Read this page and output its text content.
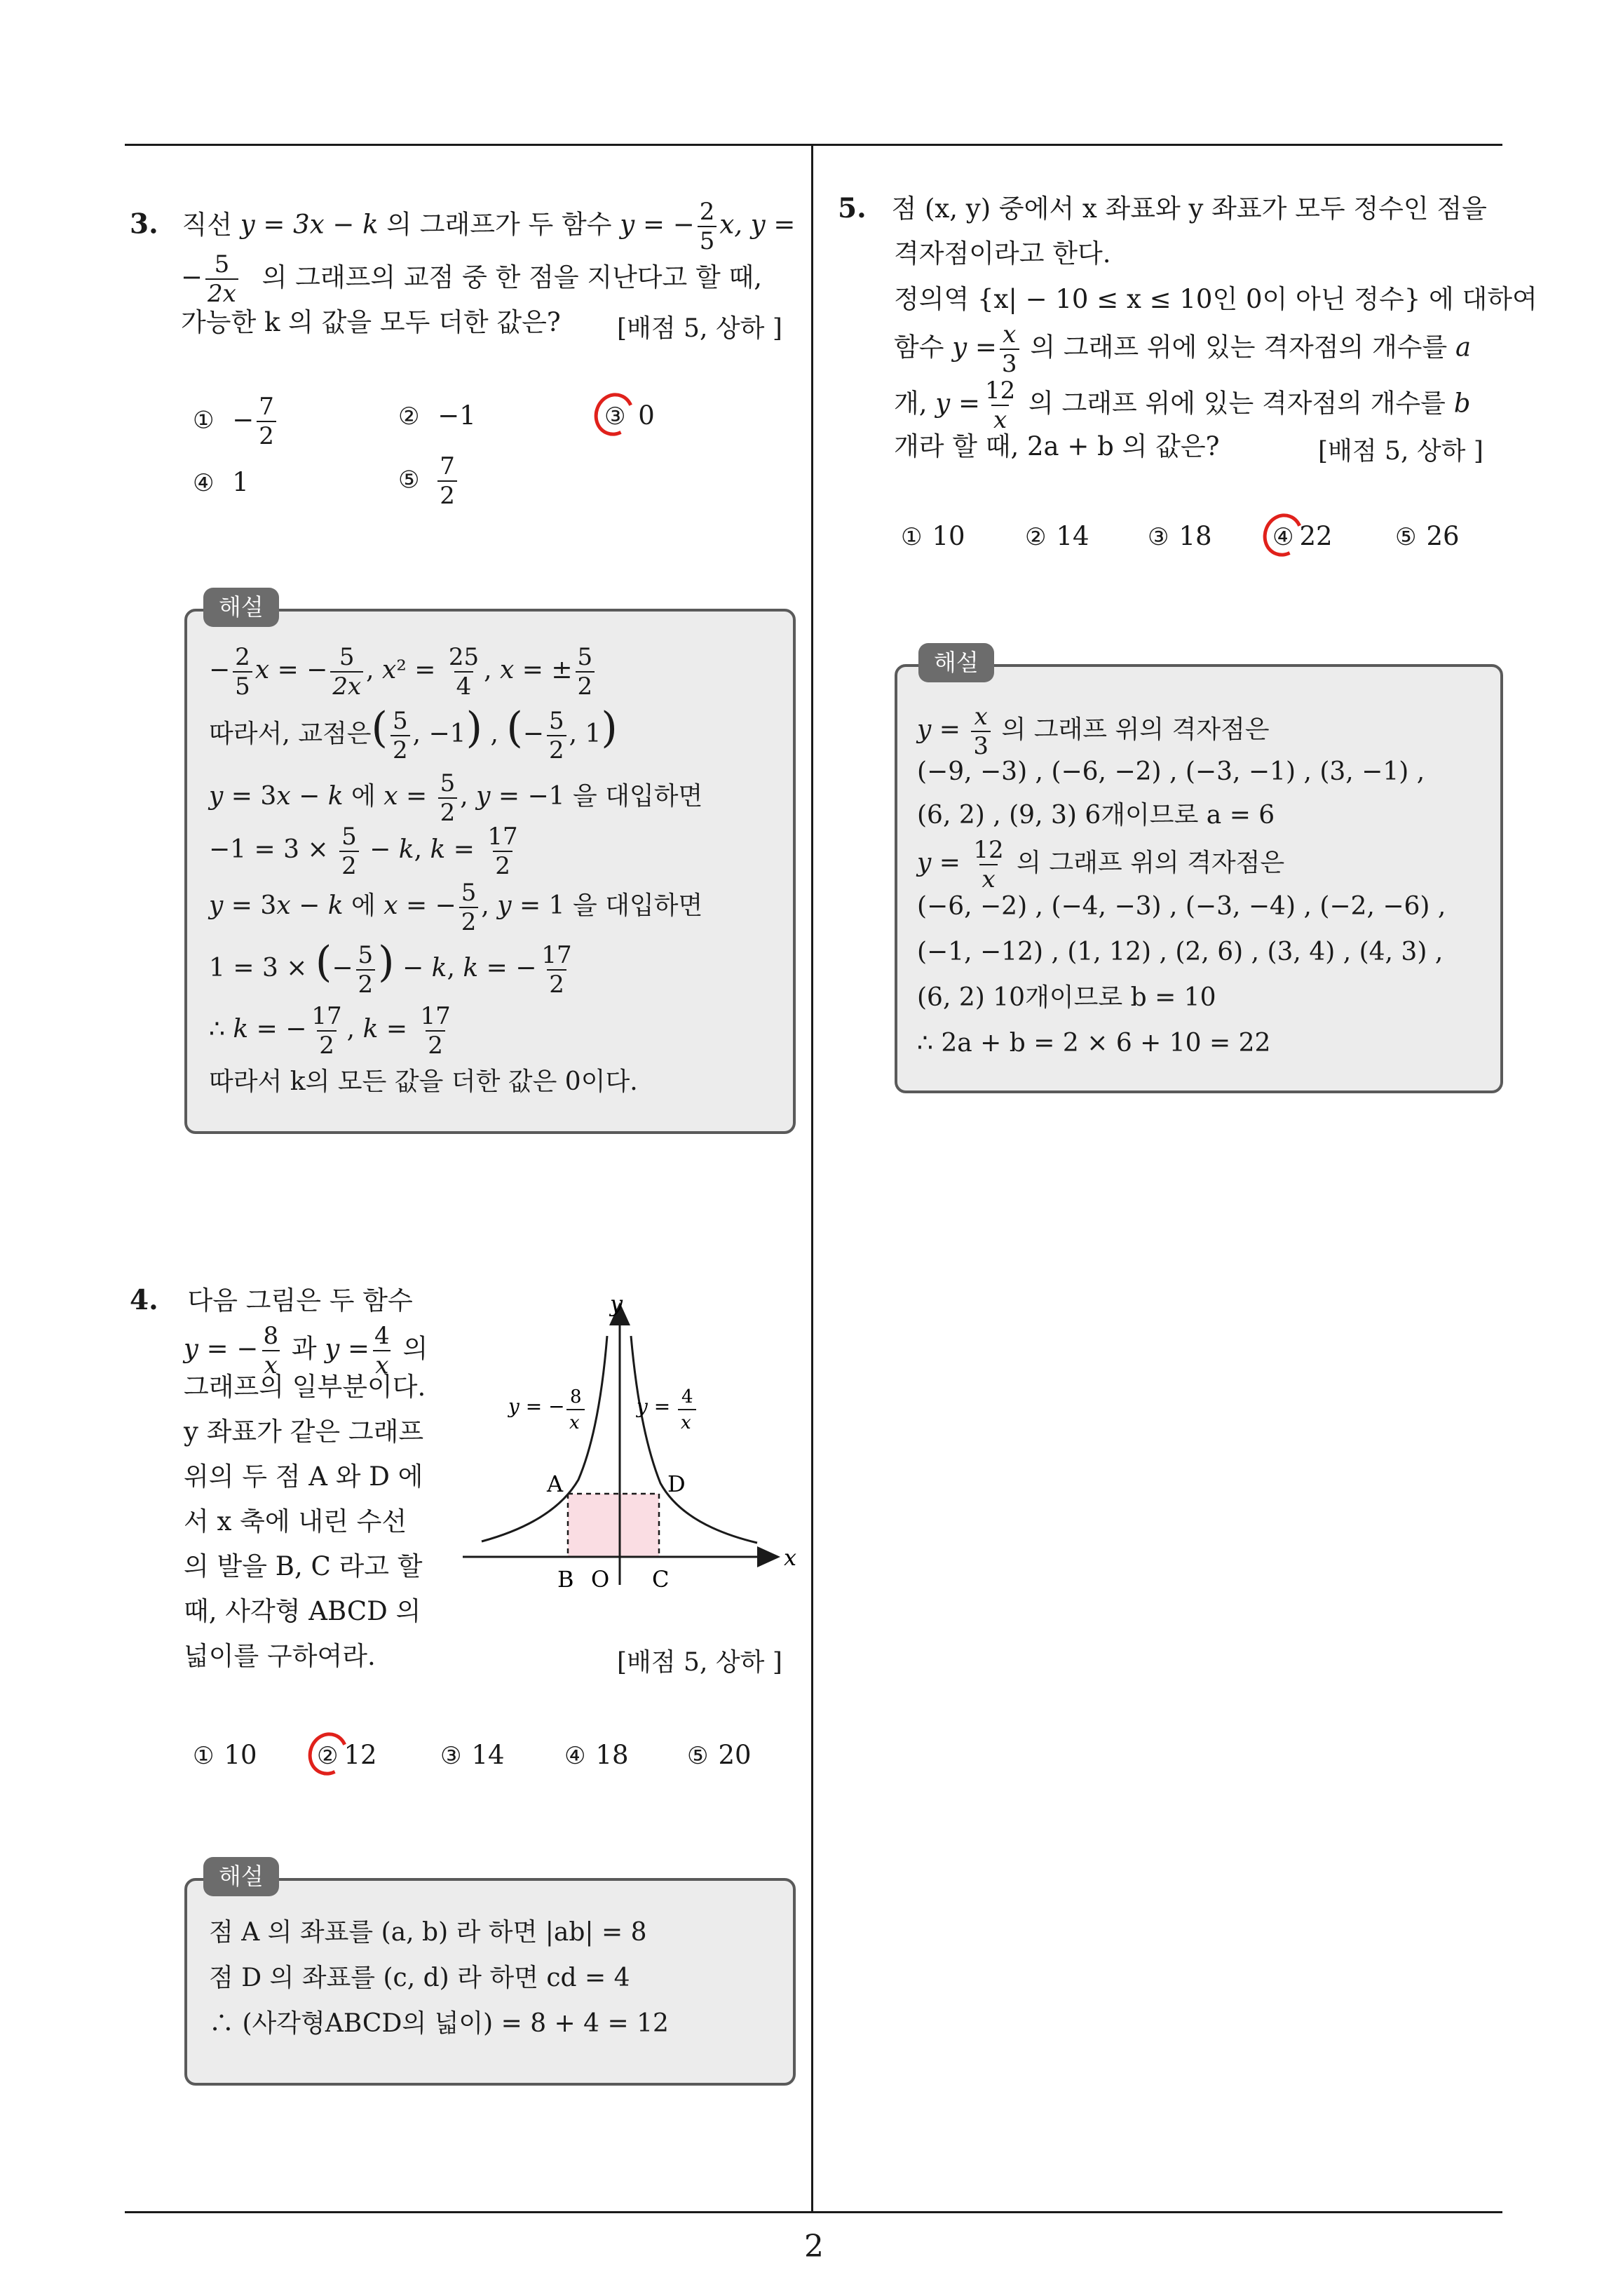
2
3. 직선 y = 3x − k 의 그래프가 두 함수 y = − $\frac{2}{5} x$, y =
− $\frac{5}{2x}$ 의 그래프의 교점 중 한 점을 지난다고 할 때,
가능한 k 의 값을 모두 더한 값은? [배점 5, 상하 ]
① − $\frac{7}{2}$	② −1	③ 0
④ 1	⑤ $\frac{7}{2}$
해설
− $\frac{2}{5}$ x = − $\frac{5}{2x}$ , $x^2 = \frac{25}{4}$ , x = ± $\frac{5}{2}$
따라서, 교점은( $\frac{5}{2}$ , −1) , (− $\frac{5}{2}$ , 1)
y = 3x − k 에 $x = \frac{5}{2}$ , y = −1 을 대입하면
$-1 = 3 \times \frac{5}{2} - k$, $k = \frac{17}{2}$
y = 3x − k 에 x = − $\frac{5}{2}$ , y = 1 을 대입하면
1 = 3 × (− $\frac{5}{2}$ ) − k, k = − $\frac{17}{2}$
∴ k = − $\frac{17}{2}$ , $k = \frac{17}{2}$
따라서 k의 모든 값을 더한 값은 0이다.
4. 다음 그림은 두 함수
y = − $\frac{8}{x}$ 과 $y = \frac{4}{x}$ 의
그래프의 일부분이다.
y 좌표가 같은 그래프
위의 두 점 A 와 D 에
서 x 축에 내린 수선
의 발을 B, C 라고 할
때, 사각형 ABCD 의
넓이를 구하여라.	[배점 5, 상하 ]
y
x
y = − 8
x
y = 4
x
A	D
B O C
① 10	② 12	③ 14	④ 18 ⑤ 20
해설
점 A 의 좌표를 (a, b) 라 하면 |ab| = 8
점 D 의 좌표를 (c, d) 라 하면 cd = 4
∴ (사각형ABCD의 넓이) = 8 + 4 = 12
5. 점 (x, y) 중에서 x 좌표와 y 좌표가 모두 정수인 점을
격자점이라고 한다.
정의역 {x| − 10 ≤ x ≤ 10인 0이 아닌 정수} 에 대하여
함수 $y = \frac{x}{3}$ 의 그래프 위에 있는 격자점의 개수를 a
개, $y = \frac{12}{x}$ 의 그래프 위에 있는 격자점의 개수를 b
개라 할 때, 2a + b 의 값은?	[배점 5, 상하 ]
① 10	② 14 ③ 18	④ 22	⑤ 26
해설
$y = \frac{x}{3}$ 의 그래프 위의 격자점은
(−9, −3) , (−6, −2) , (−3, −1) , (3, −1) ,
(6, 2) , (9, 3) 6개이므로 a = 6
$y = \frac{12}{x}$ 의 그래프 위의 격자점은
(−6, −2) , (−4, −3) , (−3, −4) , (−2, −6) ,
(−1, −12) , (1, 12) , (2, 6) , (3, 4) , (4, 3) ,
(6, 2) 10개이므로 b = 10
∴ 2a + b = 2 × 6 + 10 = 22
